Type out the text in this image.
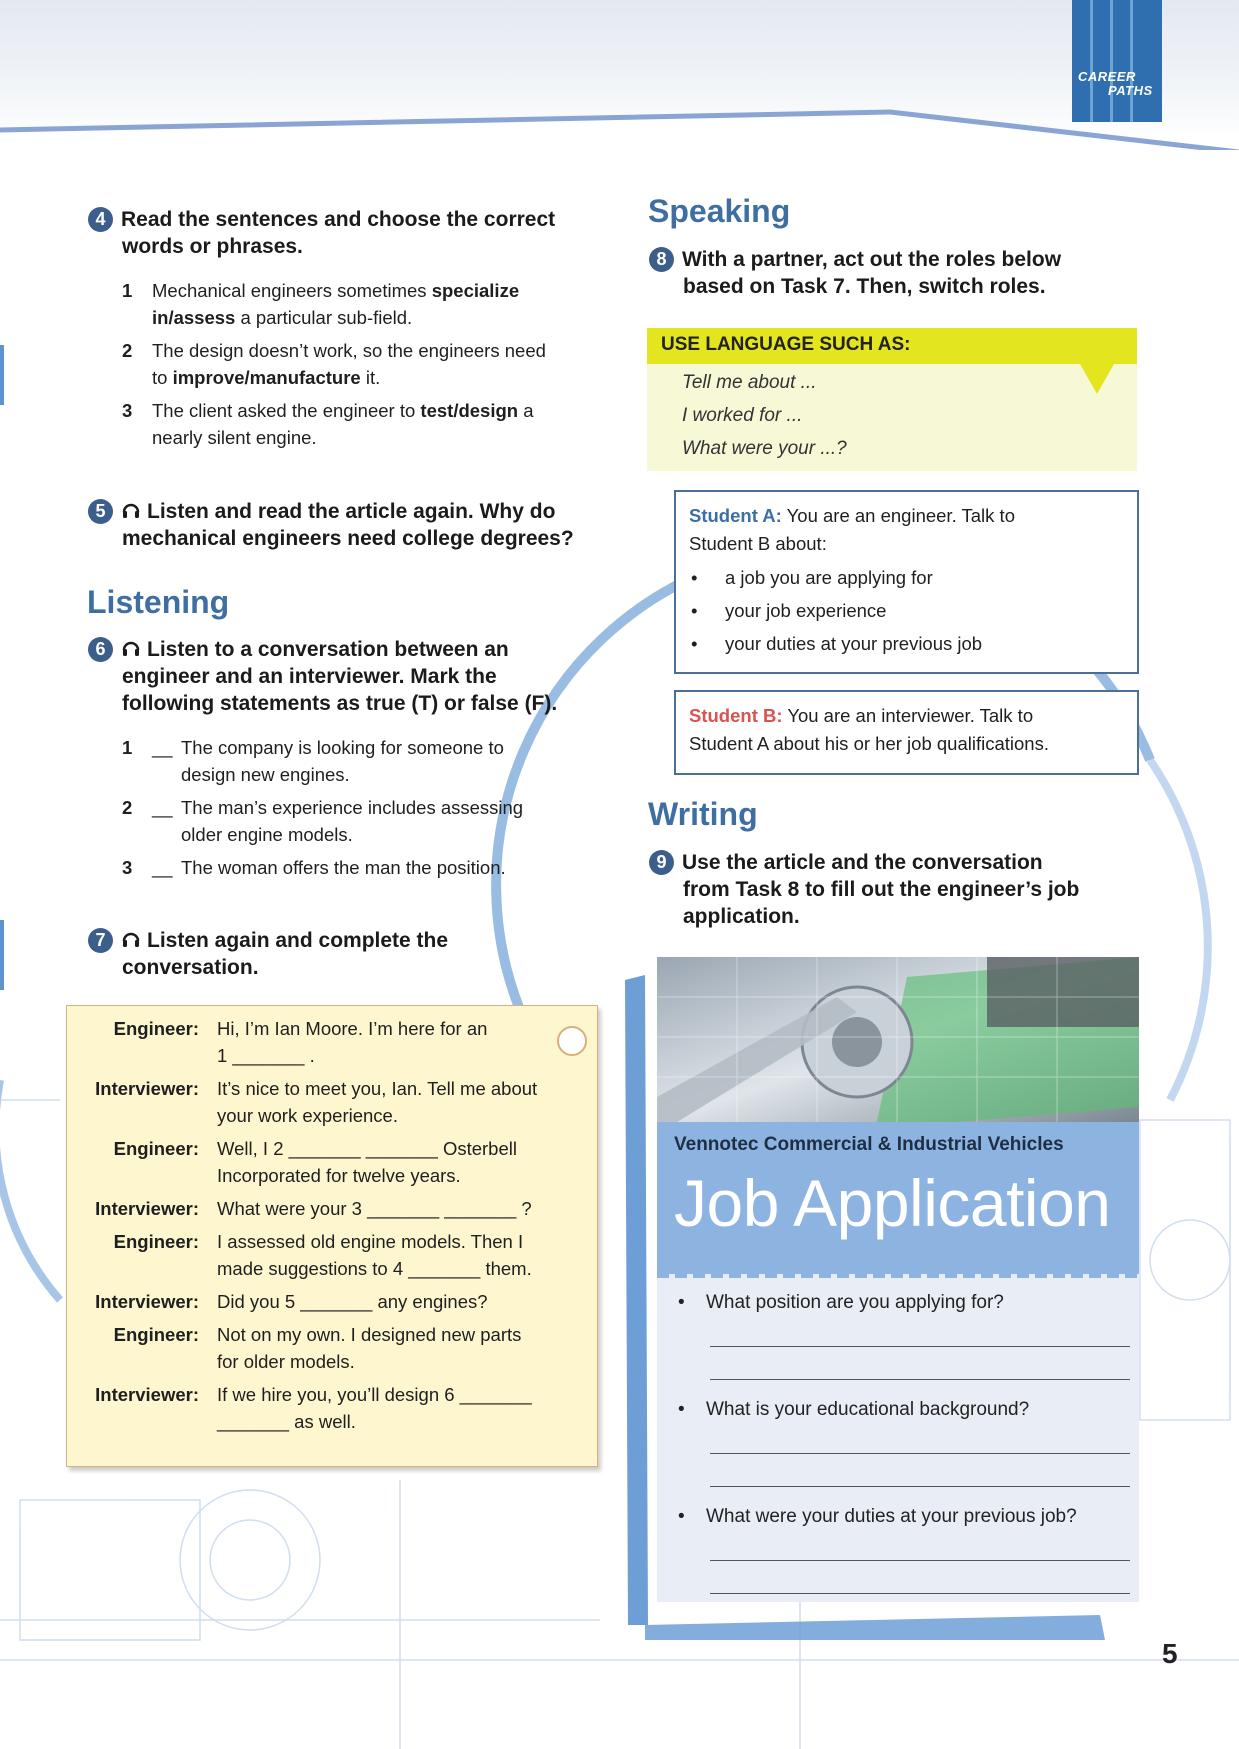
CAREER
PATHS
4 Read the sentences and choose the correct
words or phrases.
1	Mechanical engineers sometimes specialize
in/assess a particular sub-field.
2	The design doesn’t work, so the engineers need
to improve/manufacture it.
3	The client asked the engineer to test/design a
nearly silent engine.
5 Listen and read the article again. Why do
mechanical engineers need college degrees?
Listening
6 Listen to a conversation between an
engineer and an interviewer. Mark the
following statements as true (T) or false (F).
1 __ The company is looking for someone to
design new engines.
2 __ The man’s experience includes assessing
older engine models.
3 __ The woman offers the man the position.
7 Listen again and complete the
conversation.
Engineer: Hi, I’m Ian Moore. I’m here for an
1 _______ .
Interviewer: It’s nice to meet you, Ian. Tell me about
your work experience.
Engineer: Well, I 2 _______ _______ Osterbell
Incorporated for twelve years.
Interviewer: What were your 3 _______ _______ ?
Engineer: I assessed old engine models. Then I
made suggestions to 4 _______ them.
Interviewer: Did you 5 _______ any engines?
Engineer: Not on my own. I designed new parts
for older models.
Interviewer: If we hire you, you’ll design 6 _______
_______ as well.
Speaking
8 With a partner, act out the roles below
based on Task 7. Then, switch roles.
USE LANGUAGE SUCH AS:
Tell me about ...
I worked for ...
What were your ...?
Student A: You are an engineer. Talk to
Student B about:
• a job you are applying for
• your job experience
• your duties at your previous job
Student B: You are an interviewer. Talk to
Student A about his or her job qualifications.
Writing
9 Use the article and the conversation
from Task 8 to fill out the engineer’s job
application.
Vennotec Commercial & Industrial Vehicles
Job Application
• What position are you applying for?
• What is your educational background?
• What were your duties at your previous job?
5
